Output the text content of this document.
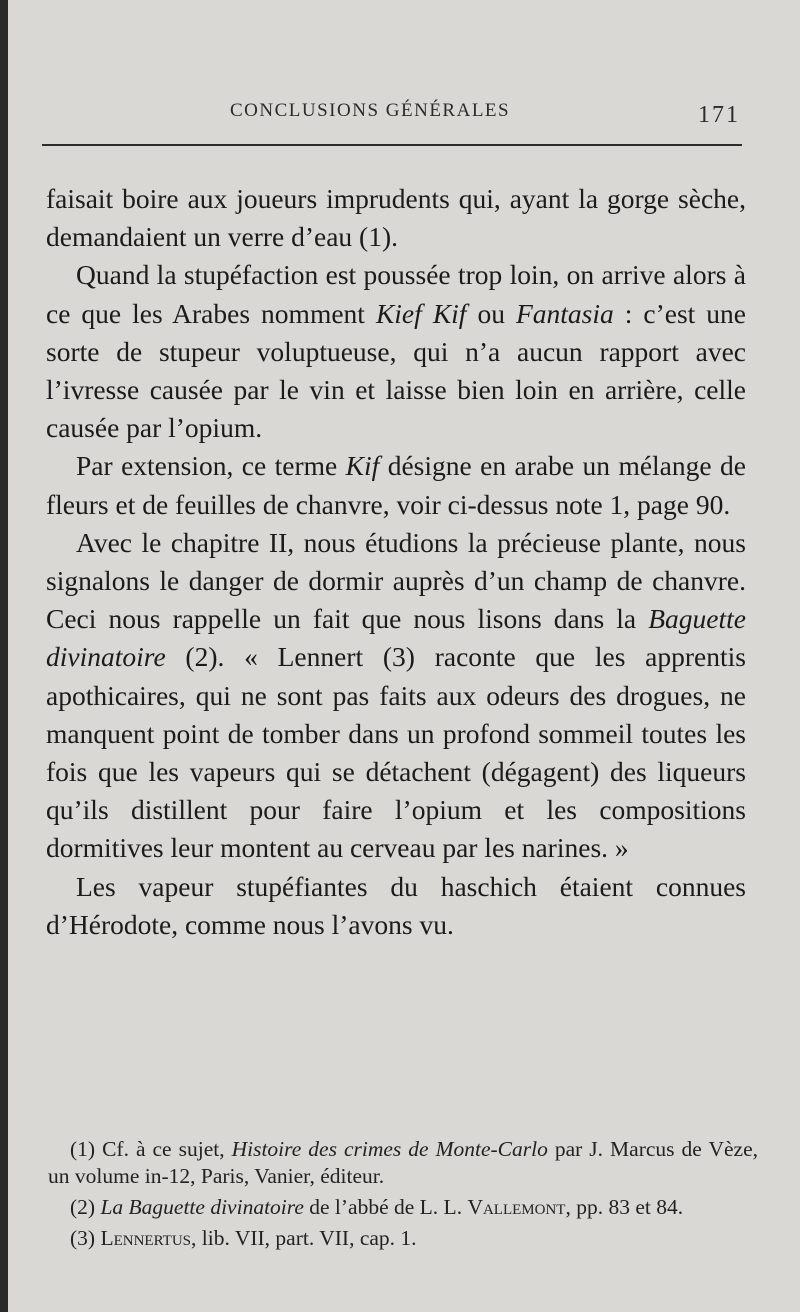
CONCLUSIONS GÉNÉRALES	171

faisait boire aux joueurs imprudents qui, ayant la gorge sèche, demandaient un verre d’eau (1).

Quand la stupéfaction est poussée trop loin, on arrive alors à ce que les Arabes nomment Kief Kif ou Fantasia : c’est une sorte de stupeur voluptueuse, qui n’a aucun rapport avec l’ivresse causée par le vin et laisse bien loin en arrière, celle causée par l’opium.

Par extension, ce terme Kif désigne en arabe un mélange de fleurs et de feuilles de chanvre, voir ci-dessus note 1, page 90.

Avec le chapitre II, nous étudions la précieuse plante, nous signalons le danger de dormir auprès d’un champ de chanvre. Ceci nous rappelle un fait que nous lisons dans la Baguette divinatoire (2). « Lennert (3) raconte que les apprentis apothicaires, qui ne sont pas faits aux odeurs des drogues, ne manquent point de tomber dans un profond sommeil toutes les fois que les vapeurs qui se détachent (dégagent) des liqueurs qu’ils distillent pour faire l’opium et les compositions dormitives leur montent au cerveau par les narines. »

Les vapeur stupéfiantes du haschich étaient connues d’Hérodote, comme nous l’avons vu.

(1) Cf. à ce sujet, Histoire des crimes de Monte-Carlo par J. Marcus de Vèze, un volume in-12, Paris, Vanier, éditeur.

(2) La Baguette divinatoire de l’abbé de L. L. Vallemont, pp. 83 et 84.

(3) Lennertus, lib. VII, part. VII, cap. 1.
